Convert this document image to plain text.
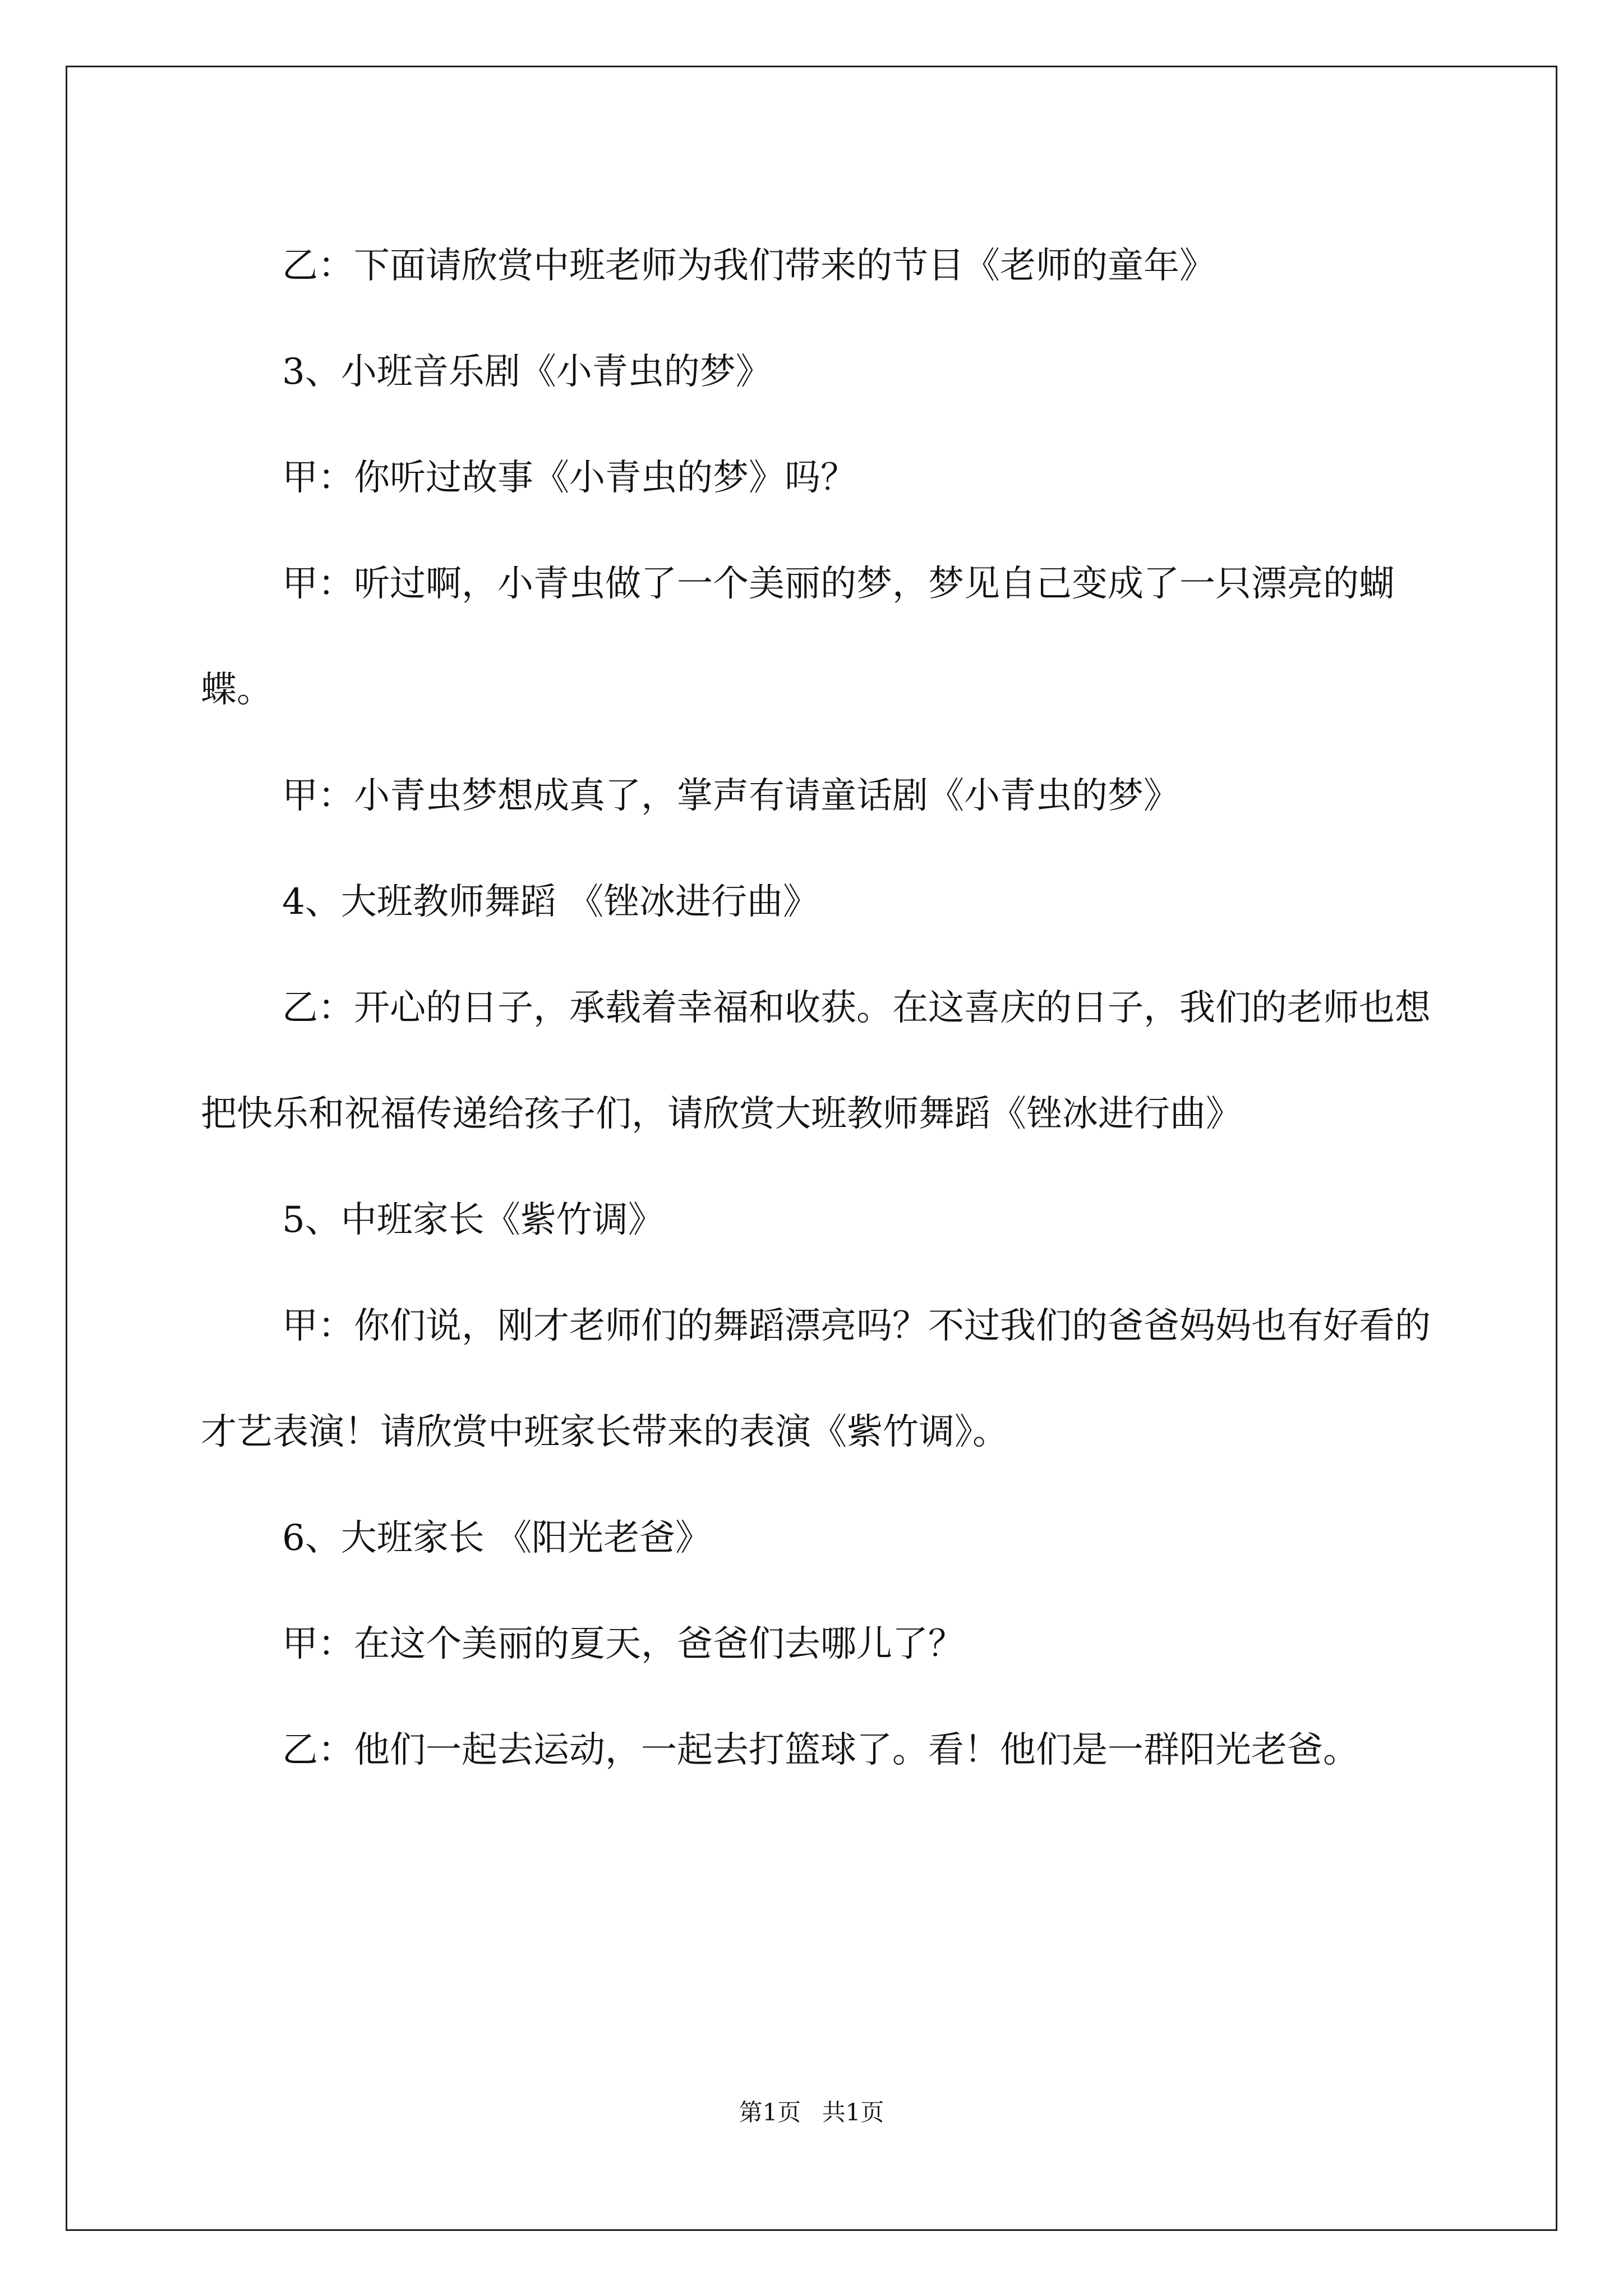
乙：下面请欣赏中班老师为我们带来的节目《老师的童年》

3、小班音乐剧《小青虫的梦》

甲：你听过故事《小青虫的梦》吗？

甲：听过啊，小青虫做了一个美丽的梦，梦见自己变成了一只漂亮的蝴蝶。

甲：小青虫梦想成真了，掌声有请童话剧《小青虫的梦》

4、大班教师舞蹈 《锉冰进行曲》

乙：开心的日子，承载着幸福和收获。在这喜庆的日子，我们的老师也想把快乐和祝福传递给孩子们，请欣赏大班教师舞蹈《锉冰进行曲》

5、中班家长《紫竹调》

甲：你们说，刚才老师们的舞蹈漂亮吗？不过我们的爸爸妈妈也有好看的才艺表演！请欣赏中班家长带来的表演《紫竹调》。

6、大班家长 《阳光老爸》

甲：在这个美丽的夏天，爸爸们去哪儿了？

乙：他们一起去运动，一起去打篮球了。看！他们是一群阳光老爸。

第1页 共1页
